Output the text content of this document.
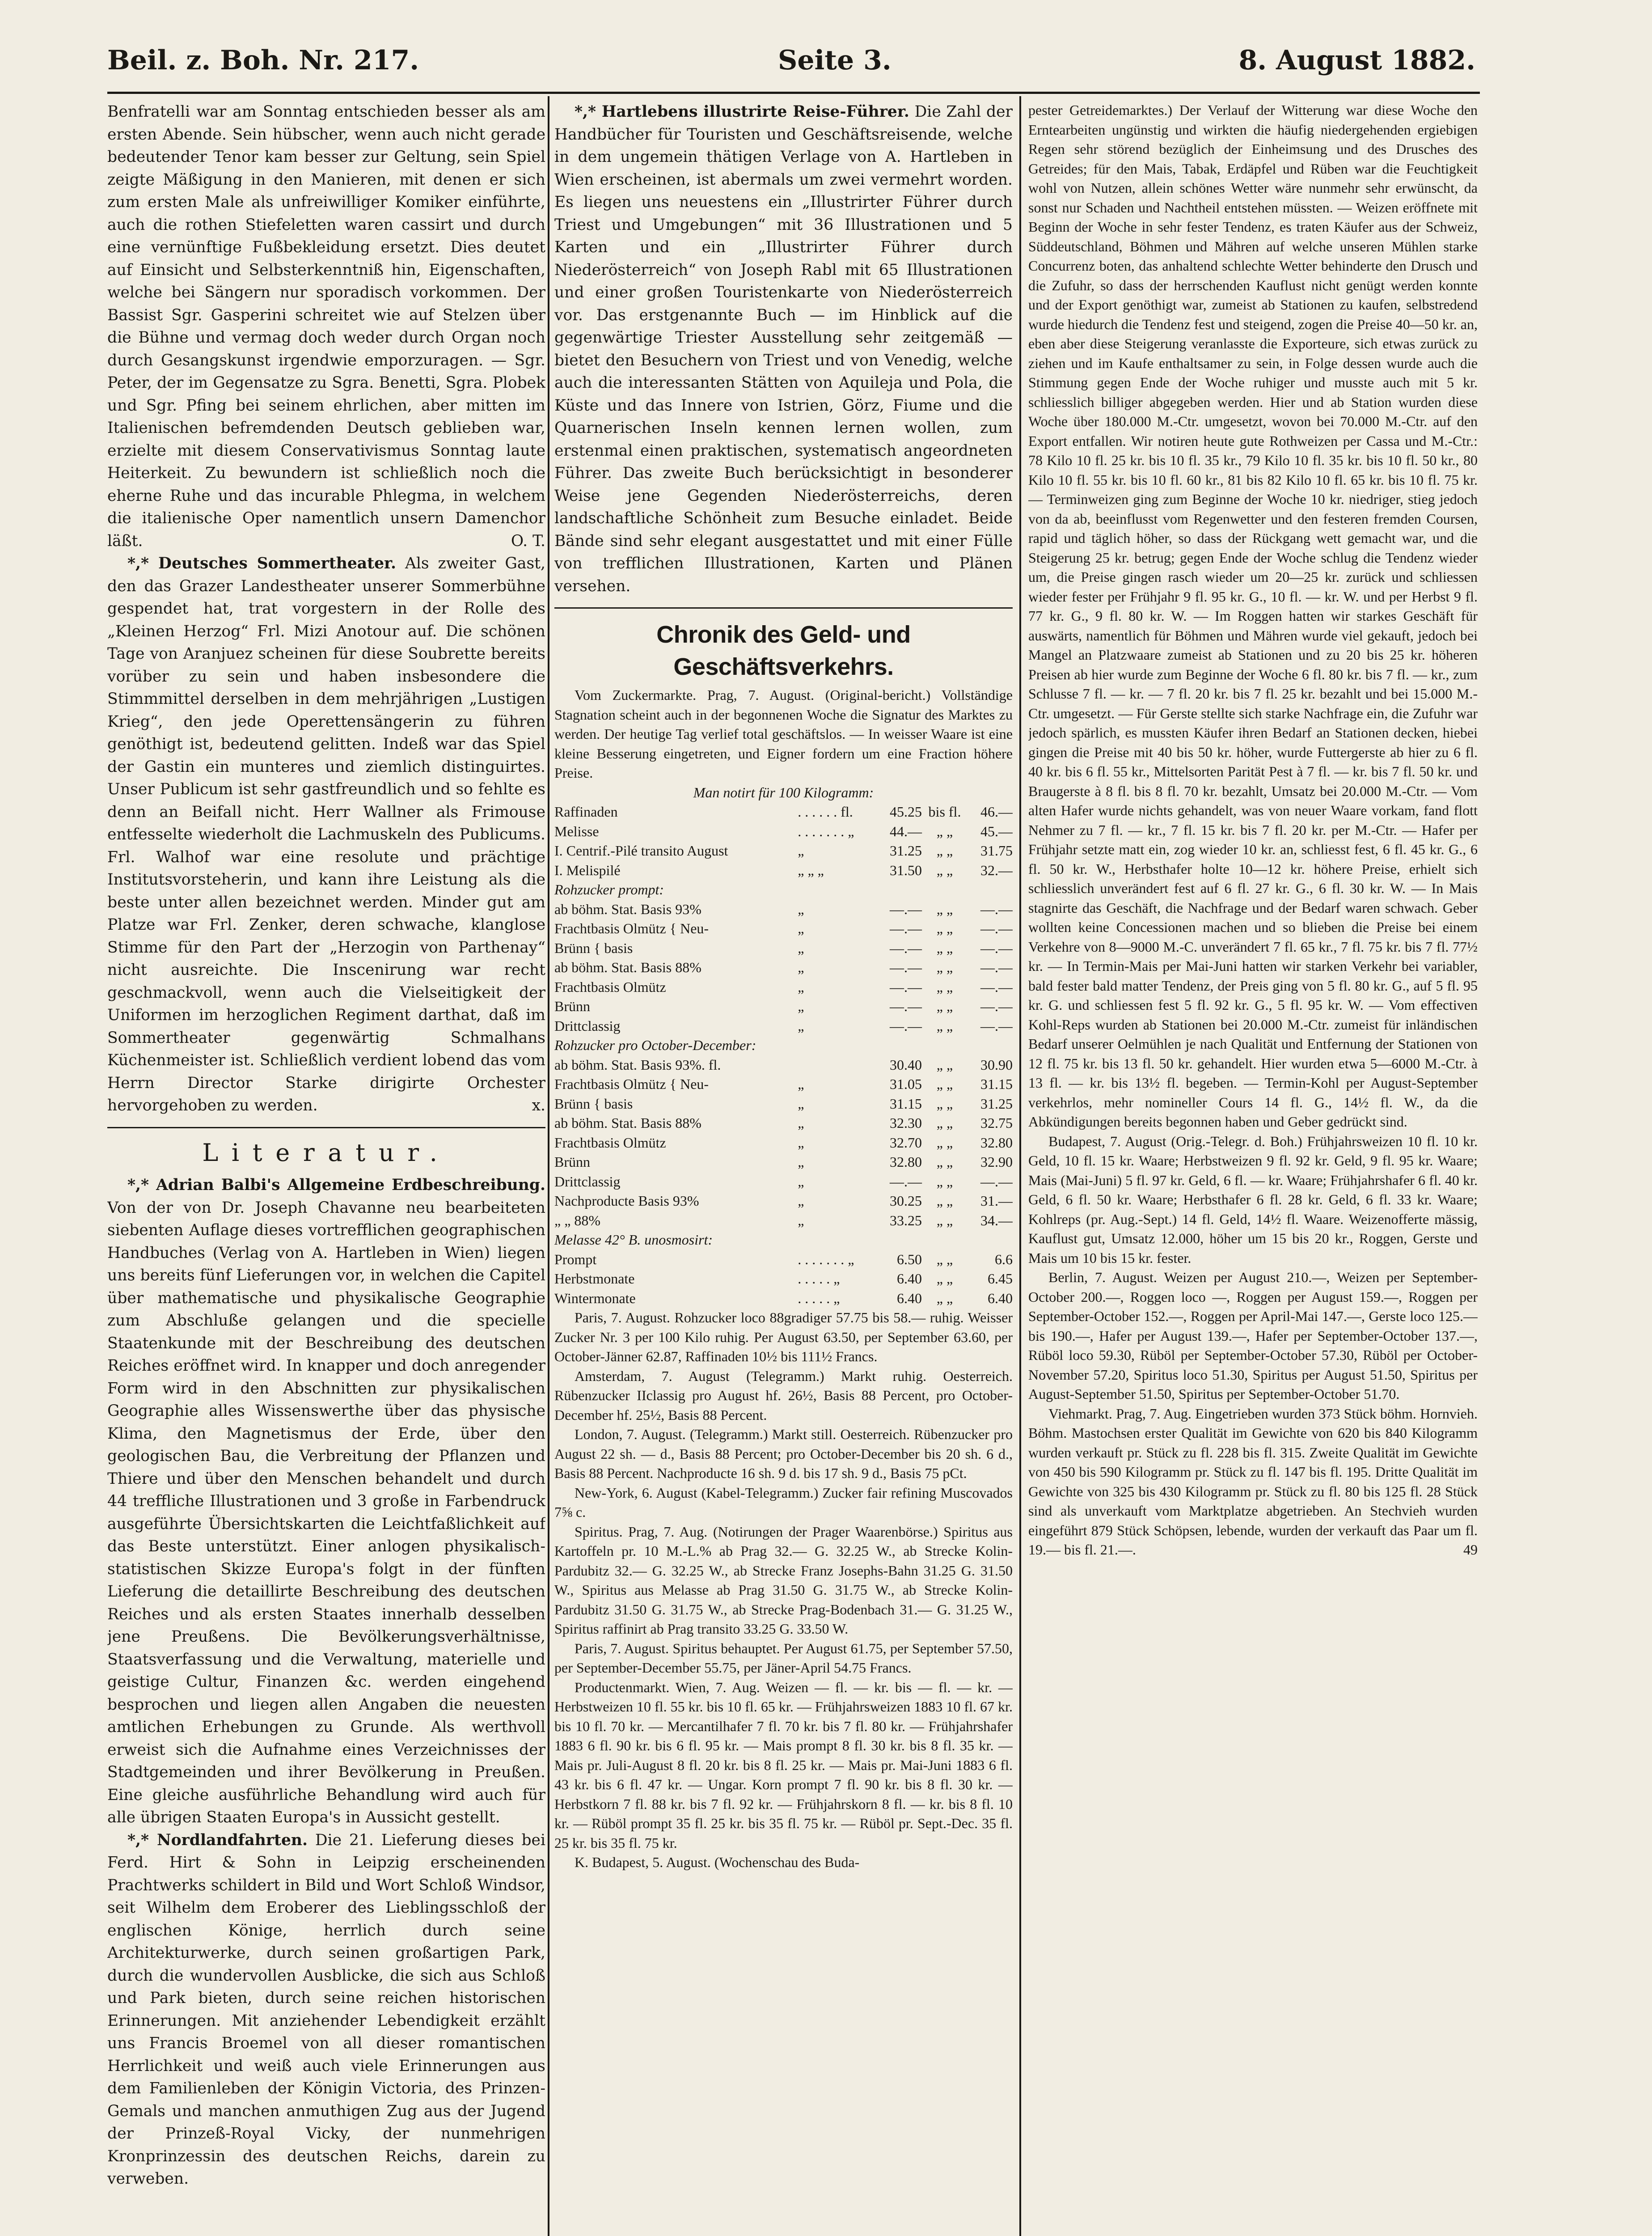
Beil. z. Boh. Nr. 217.	Seite 3.	8. August 1882.

Benfratelli war am Sonntag entschieden besser als am ersten Abende. Sein hübscher, wenn auch nicht gerade bedeutender Tenor kam besser zur Geltung, sein Spiel zeigte Mäßigung in den Manieren, mit denen er sich zum ersten Male als unfreiwilliger Komiker einführte, auch die rothen Stiefeletten waren cassirt und durch eine vernünftige Fußbekleidung ersetzt. Dies deutet auf Einsicht und Selbsterkenntniß hin, Eigenschaften, welche bei Sängern nur sporadisch vorkommen. Der Bassist Sgr. Gasperini schreitet wie auf Stelzen über die Bühne und vermag doch weder durch Organ noch durch Gesangskunst irgendwie emporzuragen. — Sgr. Peter, der im Gegensatze zu Sgra. Benetti, Sgra. Plobek und Sgr. Pfing bei seinem ehrlichen, aber mitten im Italienischen befremdenden Deutsch geblieben war, erzielte mit diesem Conservativismus Sonntag laute Heiterkeit. Zu bewundern ist schließlich noch die eherne Ruhe und das incurable Phlegma, in welchem die italienische Oper namentlich unsern Damenchor läßt.	O. T.

*,* Deutsches Sommertheater. Als zweiter Gast, den das Grazer Landestheater unserer Sommerbühne gespendet hat, trat vorgestern in der Rolle des „Kleinen Herzog“ Frl. Mizi Anotour auf. Die schönen Tage von Aranjuez scheinen für diese Soubrette bereits vorüber zu sein und haben insbesondere die Stimmmittel derselben in dem mehrjährigen „Lustigen Krieg“, den jede Operettensängerin zu führen genöthigt ist, bedeutend gelitten. Indeß war das Spiel der Gastin ein munteres und ziemlich distinguirtes. Unser Publicum ist sehr gastfreundlich und so fehlte es denn an Beifall nicht. Herr Wallner als Frimouse entfesselte wiederholt die Lachmuskeln des Publicums. Frl. Walhof war eine resolute und prächtige Institutsvorsteherin, und kann ihre Leistung als die beste unter allen bezeichnet werden. Minder gut am Platze war Frl. Zenker, deren schwache, klanglose Stimme für den Part der „Herzogin von Parthenay“ nicht ausreichte. Die Inscenirung war recht geschmackvoll, wenn auch die Vielseitigkeit der Uniformen im herzoglichen Regiment darthat, daß im Sommertheater gegenwärtig Schmalhans Küchenmeister ist. Schließlich verdient lobend das vom Herrn Director Starke dirigirte Orchester hervorgehoben zu werden.	x.

Literatur.

*,* Adrian Balbi's Allgemeine Erdbeschreibung. Von der von Dr. Joseph Chavanne neu bearbeiteten siebenten Auflage dieses vortrefflichen geographischen Handbuches (Verlag von A. Hartleben in Wien) liegen uns bereits fünf Lieferungen vor, in welchen die Capitel über mathematische und physikalische Geographie zum Abschluße gelangen und die specielle Staatenkunde mit der Beschreibung des deutschen Reiches eröffnet wird. In knapper und doch anregender Form wird in den Abschnitten zur physikalischen Geographie alles Wissenswerthe über das physische Klima, den Magnetismus der Erde, über den geologischen Bau, die Verbreitung der Pflanzen und Thiere und über den Menschen behandelt und durch 44 treffliche Illustrationen und 3 große in Farbendruck ausgeführte Übersichtskarten die Leichtfaßlichkeit auf das Beste unterstützt. Einer anlogen physikalisch-statistischen Skizze Europa's folgt in der fünften Lieferung die detaillirte Beschreibung des deutschen Reiches und als ersten Staates innerhalb desselben jene Preußens. Die Bevölkerungsverhältnisse, Staatsverfassung und die Verwaltung, materielle und geistige Cultur, Finanzen &c. werden eingehend besprochen und liegen allen Angaben die neuesten amtlichen Erhebungen zu Grunde. Als werthvoll erweist sich die Aufnahme eines Verzeichnisses der Stadtgemeinden und ihrer Bevölkerung in Preußen. Eine gleiche ausführliche Behandlung wird auch für alle übrigen Staaten Europa's in Aussicht gestellt.

*,* Nordlandfahrten. Die 21. Lieferung dieses bei Ferd. Hirt & Sohn in Leipzig erscheinenden Prachtwerks schildert in Bild und Wort Schloß Windsor, seit Wilhelm dem Eroberer des Lieblingsschloß der englischen Könige, herrlich durch seine Architekturwerke, durch seinen großartigen Park, durch die wundervollen Ausblicke, die sich aus Schloß und Park bieten, durch seine reichen historischen Erinnerungen. Mit anziehender Lebendigkeit erzählt uns Francis Broemel von all dieser romantischen Herrlichkeit und weiß auch viele Erinnerungen aus dem Familienleben der Königin Victoria, des Prinzen-Gemals und manchen anmuthigen Zug aus der Jugend der Prinzeß-Royal Vicky, der nunmehrigen Kronprinzessin des deutschen Reichs, darein zu verweben.

*,* Hartlebens illustrirte Reise-Führer. Die Zahl der Handbücher für Touristen und Geschäftsreisende, welche in dem ungemein thätigen Verlage von A. Hartleben in Wien erscheinen, ist abermals um zwei vermehrt worden. Es liegen uns neuestens ein „Illustrirter Führer durch Triest und Umgebungen“ mit 36 Illustrationen und 5 Karten und ein „Illustrirter Führer durch Niederösterreich“ von Joseph Rabl mit 65 Illustrationen und einer großen Touristenkarte von Niederösterreich vor. Das erstgenannte Buch — im Hinblick auf die gegenwärtige Triester Ausstellung sehr zeitgemäß — bietet den Besuchern von Triest und von Venedig, welche auch die interessanten Stätten von Aquileja und Pola, die Küste und das Innere von Istrien, Görz, Fiume und die Quarnerischen Inseln kennen lernen wollen, zum erstenmal einen praktischen, systematisch angeordneten Führer. Das zweite Buch berücksichtigt in besonderer Weise jene Gegenden Niederösterreichs, deren landschaftliche Schönheit zum Besuche einladet. Beide Bände sind sehr elegant ausgestattet und mit einer Fülle von trefflichen Illustrationen, Karten und Plänen versehen.

Chronik des Geld- und Geschäftsverkehrs.

Vom Zuckermarkte. Prag, 7. August. (Original-bericht.) Vollständige Stagnation scheint auch in der begonnenen Woche die Signatur des Marktes zu werden. Der heutige Tag verlief total geschäftslos. — In weisser Waare ist eine kleine Besserung eingetreten, und Eigner fordern um eine Fraction höhere Preise.

Man notirt für 100 Kilogramm:

Raffinaden	. . . . . . fl.	45.25	bis fl.	46.—
Melisse	. . . . . . . „	44.—	„ „	45.—
I. Centrif.-Pilé transito August	„	31.25	„ „	31.75
I. Melispilé	„ „ „	31.50	„ „	32.—
Rohzucker prompt:				
ab böhm. Stat. Basis 93%	„	—.—	„ „	—.—
Frachtbasis Olmütz { Neu-	„	—.—	„ „	—.—
Brünn { basis	„	—.—	„ „	—.—
ab böhm. Stat. Basis 88%	„	—.—	„ „	—.—
Frachtbasis Olmütz	„	—.—	„ „	—.—
Brünn	„	—.—	„ „	—.—
Drittclassig	„	—.—	„ „	—.—
Rohzucker pro October-December:				
ab böhm. Stat. Basis 93%. fl.		30.40	„ „	30.90
Frachtbasis Olmütz { Neu-	„	31.05	„ „	31.15
Brünn { basis	„	31.15	„ „	31.25
ab böhm. Stat. Basis 88%	„	32.30	„ „	32.75
Frachtbasis Olmütz	„	32.70	„ „	32.80
Brünn	„	32.80	„ „	32.90
Drittclassig	„	—.—	„ „	—.—
Nachproducte Basis 93%	„	30.25	„ „	31.—
„ „ 88%	„	33.25	„ „	34.—
Melasse 42° B. unosmosirt:				
Prompt	. . . . . . . „	6.50	„ „	6.6
Herbstmonate	. . . . . „	6.40	„ „	6.45
Wintermonate	. . . . . „	6.40	„ „	6.40

Paris, 7. August. Rohzucker loco 88gradiger 57.75 bis 58.— ruhig. Weisser Zucker Nr. 3 per 100 Kilo ruhig. Per August 63.50, per September 63.60, per October-Jänner 62.87, Raffinaden 10½ bis 111½ Francs.

Amsterdam, 7. August (Telegramm.) Markt ruhig. Oesterreich. Rübenzucker IIclassig pro August hf. 26½, Basis 88 Percent, pro October-December hf. 25½, Basis 88 Percent.

London, 7. August. (Telegramm.) Markt still. Oesterreich. Rübenzucker pro August 22 sh. — d., Basis 88 Percent; pro October-December bis 20 sh. 6 d., Basis 88 Percent. Nachproducte 16 sh. 9 d. bis 17 sh. 9 d., Basis 75 pCt.

New-York, 6. August (Kabel-Telegramm.) Zucker fair refining Muscovados 7⅝ c.

Spiritus. Prag, 7. Aug. (Notirungen der Prager Waarenbörse.) Spiritus aus Kartoffeln pr. 10 M.-L.% ab Prag 32.— G. 32.25 W., ab Strecke Kolin-Pardubitz 32.— G. 32.25 W., ab Strecke Franz Josephs-Bahn 31.25 G. 31.50 W., Spiritus aus Melasse ab Prag 31.50 G. 31.75 W., ab Strecke Kolin-Pardubitz 31.50 G. 31.75 W., ab Strecke Prag-Bodenbach 31.— G. 31.25 W., Spiritus raffinirt ab Prag transito 33.25 G. 33.50 W.

Paris, 7. August. Spiritus behauptet. Per August 61.75, per September 57.50, per September-December 55.75, per Jäner-April 54.75 Francs.

Productenmarkt. Wien, 7. Aug. Weizen — fl. — kr. bis — fl. — kr. — Herbstweizen 10 fl. 55 kr. bis 10 fl. 65 kr. — Frühjahrsweizen 1883 10 fl. 67 kr. bis 10 fl. 70 kr. — Mercantilhafer 7 fl. 70 kr. bis 7 fl. 80 kr. — Frühjahrshafer 1883 6 fl. 90 kr. bis 6 fl. 95 kr. — Mais prompt 8 fl. 30 kr. bis 8 fl. 35 kr. — Mais pr. Juli-August 8 fl. 20 kr. bis 8 fl. 25 kr. — Mais pr. Mai-Juni 1883 6 fl. 43 kr. bis 6 fl. 47 kr. — Ungar. Korn prompt 7 fl. 90 kr. bis 8 fl. 30 kr. — Herbstkorn 7 fl. 88 kr. bis 7 fl. 92 kr. — Frühjahrskorn 8 fl. — kr. bis 8 fl. 10 kr. — Rüböl prompt 35 fl. 25 kr. bis 35 fl. 75 kr. — Rüböl pr. Sept.-Dec. 35 fl. 25 kr. bis 35 fl. 75 kr.

K. Budapest, 5. August. (Wochenschau des Buda-

pester Getreidemarktes.) Der Verlauf der Witterung war diese Woche den Erntearbeiten ungünstig und wirkten die häufig niedergehenden ergiebigen Regen sehr störend bezüglich der Einheimsung und des Drusches des Getreides; für den Mais, Tabak, Erdäpfel und Rüben war die Feuchtigkeit wohl von Nutzen, allein schönes Wetter wäre nunmehr sehr erwünscht, da sonst nur Schaden und Nachtheil entstehen müssten. — Weizen eröffnete mit Beginn der Woche in sehr fester Tendenz, es traten Käufer aus der Schweiz, Süddeutschland, Böhmen und Mähren auf welche unseren Mühlen starke Concurrenz boten, das anhaltend schlechte Wetter behinderte den Drusch und die Zufuhr, so dass der herrschenden Kauflust nicht genügt werden konnte und der Export genöthigt war, zumeist ab Stationen zu kaufen, selbstredend wurde hiedurch die Tendenz fest und steigend, zogen die Preise 40—50 kr. an, eben aber diese Steigerung veranlasste die Exporteure, sich etwas zurück zu ziehen und im Kaufe enthaltsamer zu sein, in Folge dessen wurde auch die Stimmung gegen Ende der Woche ruhiger und musste auch mit 5 kr. schliesslich billiger abgegeben werden. Hier und ab Station wurden diese Woche über 180.000 M.-Ctr. umgesetzt, wovon bei 70.000 M.-Ctr. auf den Export entfallen. Wir notiren heute gute Rothweizen per Cassa und M.-Ctr.: 78 Kilo 10 fl. 25 kr. bis 10 fl. 35 kr., 79 Kilo 10 fl. 35 kr. bis 10 fl. 50 kr., 80 Kilo 10 fl. 55 kr. bis 10 fl. 60 kr., 81 bis 82 Kilo 10 fl. 65 kr. bis 10 fl. 75 kr. — Terminweizen ging zum Beginne der Woche 10 kr. niedriger, stieg jedoch von da ab, beeinflusst vom Regenwetter und den festeren fremden Coursen, rapid und täglich höher, so dass der Rückgang wett gemacht war, und die Steigerung 25 kr. betrug; gegen Ende der Woche schlug die Tendenz wieder um, die Preise gingen rasch wieder um 20—25 kr. zurück und schliessen wieder fester per Frühjahr 9 fl. 95 kr. G., 10 fl. — kr. W. und per Herbst 9 fl. 77 kr. G., 9 fl. 80 kr. W. — Im Roggen hatten wir starkes Geschäft für auswärts, namentlich für Böhmen und Mähren wurde viel gekauft, jedoch bei Mangel an Platzwaare zumeist ab Stationen und zu 20 bis 25 kr. höheren Preisen ab hier wurde zum Beginne der Woche 6 fl. 80 kr. bis 7 fl. — kr., zum Schlusse 7 fl. — kr. — 7 fl. 20 kr. bis 7 fl. 25 kr. bezahlt und bei 15.000 M.-Ctr. umgesetzt. — Für Gerste stellte sich starke Nachfrage ein, die Zufuhr war jedoch spärlich, es mussten Käufer ihren Bedarf an Stationen decken, hiebei gingen die Preise mit 40 bis 50 kr. höher, wurde Futtergerste ab hier zu 6 fl. 40 kr. bis 6 fl. 55 kr., Mittelsorten Parität Pest à 7 fl. — kr. bis 7 fl. 50 kr. und Braugerste à 8 fl. bis 8 fl. 70 kr. bezahlt, Umsatz bei 20.000 M.-Ctr. — Vom alten Hafer wurde nichts gehandelt, was von neuer Waare vorkam, fand flott Nehmer zu 7 fl. — kr., 7 fl. 15 kr. bis 7 fl. 20 kr. per M.-Ctr. — Hafer per Frühjahr setzte matt ein, zog wieder 10 kr. an, schliesst fest, 6 fl. 45 kr. G., 6 fl. 50 kr. W., Herbsthafer holte 10—12 kr. höhere Preise, erhielt sich schliesslich unverändert fest auf 6 fl. 27 kr. G., 6 fl. 30 kr. W. — In Mais stagnirte das Geschäft, die Nachfrage und der Bedarf waren schwach. Geber wollten keine Concessionen machen und so blieben die Preise bei einem Verkehre von 8—9000 M.-C. unverändert 7 fl. 65 kr., 7 fl. 75 kr. bis 7 fl. 77½ kr. — In Termin-Mais per Mai-Juni hatten wir starken Verkehr bei variabler, bald fester bald matter Tendenz, der Preis ging von 5 fl. 80 kr. G., auf 5 fl. 95 kr. G. und schliessen fest 5 fl. 92 kr. G., 5 fl. 95 kr. W. — Vom effectiven Kohl-Reps wurden ab Stationen bei 20.000 M.-Ctr. zumeist für inländischen Bedarf unserer Oelmühlen je nach Qualität und Entfernung der Stationen von 12 fl. 75 kr. bis 13 fl. 50 kr. gehandelt. Hier wurden etwa 5—6000 M.-Ctr. à 13 fl. — kr. bis 13½ fl. begeben. — Termin-Kohl per August-September verkehrlos, mehr nomineller Cours 14 fl. G., 14½ fl. W., da die Abkündigungen bereits begonnen haben und Geber gedrückt sind.

Budapest, 7. August (Orig.-Telegr. d. Boh.) Frühjahrsweizen 10 fl. 10 kr. Geld, 10 fl. 15 kr. Waare; Herbstweizen 9 fl. 92 kr. Geld, 9 fl. 95 kr. Waare; Mais (Mai-Juni) 5 fl. 97 kr. Geld, 6 fl. — kr. Waare; Frühjahrshafer 6 fl. 40 kr. Geld, 6 fl. 50 kr. Waare; Herbsthafer 6 fl. 28 kr. Geld, 6 fl. 33 kr. Waare; Kohlreps (pr. Aug.-Sept.) 14 fl. Geld, 14½ fl. Waare. Weizenofferte mässig, Kauflust gut, Umsatz 12.000, höher um 15 bis 20 kr., Roggen, Gerste und Mais um 10 bis 15 kr. fester.

Berlin, 7. August. Weizen per August 210.—, Weizen per September-October 200.—, Roggen loco —, Roggen per August 159.—, Roggen per September-October 152.—, Roggen per April-Mai 147.—, Gerste loco 125.— bis 190.—, Hafer per August 139.—, Hafer per September-October 137.—, Rüböl loco 59.30, Rüböl per September-October 57.30, Rüböl per October-November 57.20, Spiritus loco 51.30, Spiritus per August 51.50, Spiritus per August-September 51.50, Spiritus per September-October 51.70.

Viehmarkt. Prag, 7. Aug. Eingetrieben wurden 373 Stück böhm. Hornvieh. Böhm. Mastochsen erster Qualität im Gewichte von 620 bis 840 Kilogramm wurden verkauft pr. Stück zu fl. 228 bis fl. 315. Zweite Qualität im Gewichte von 450 bis 590 Kilogramm pr. Stück zu fl. 147 bis fl. 195. Dritte Qualität im Gewichte von 325 bis 430 Kilogramm pr. Stück zu fl. 80 bis 125 fl. 28 Stück sind als unverkauft vom Marktplatze abgetrieben. An Stechvieh wurden eingeführt 879 Stück Schöpsen, lebende, wurden der verkauft das Paar um fl. 19.— bis fl. 21.—.	49
